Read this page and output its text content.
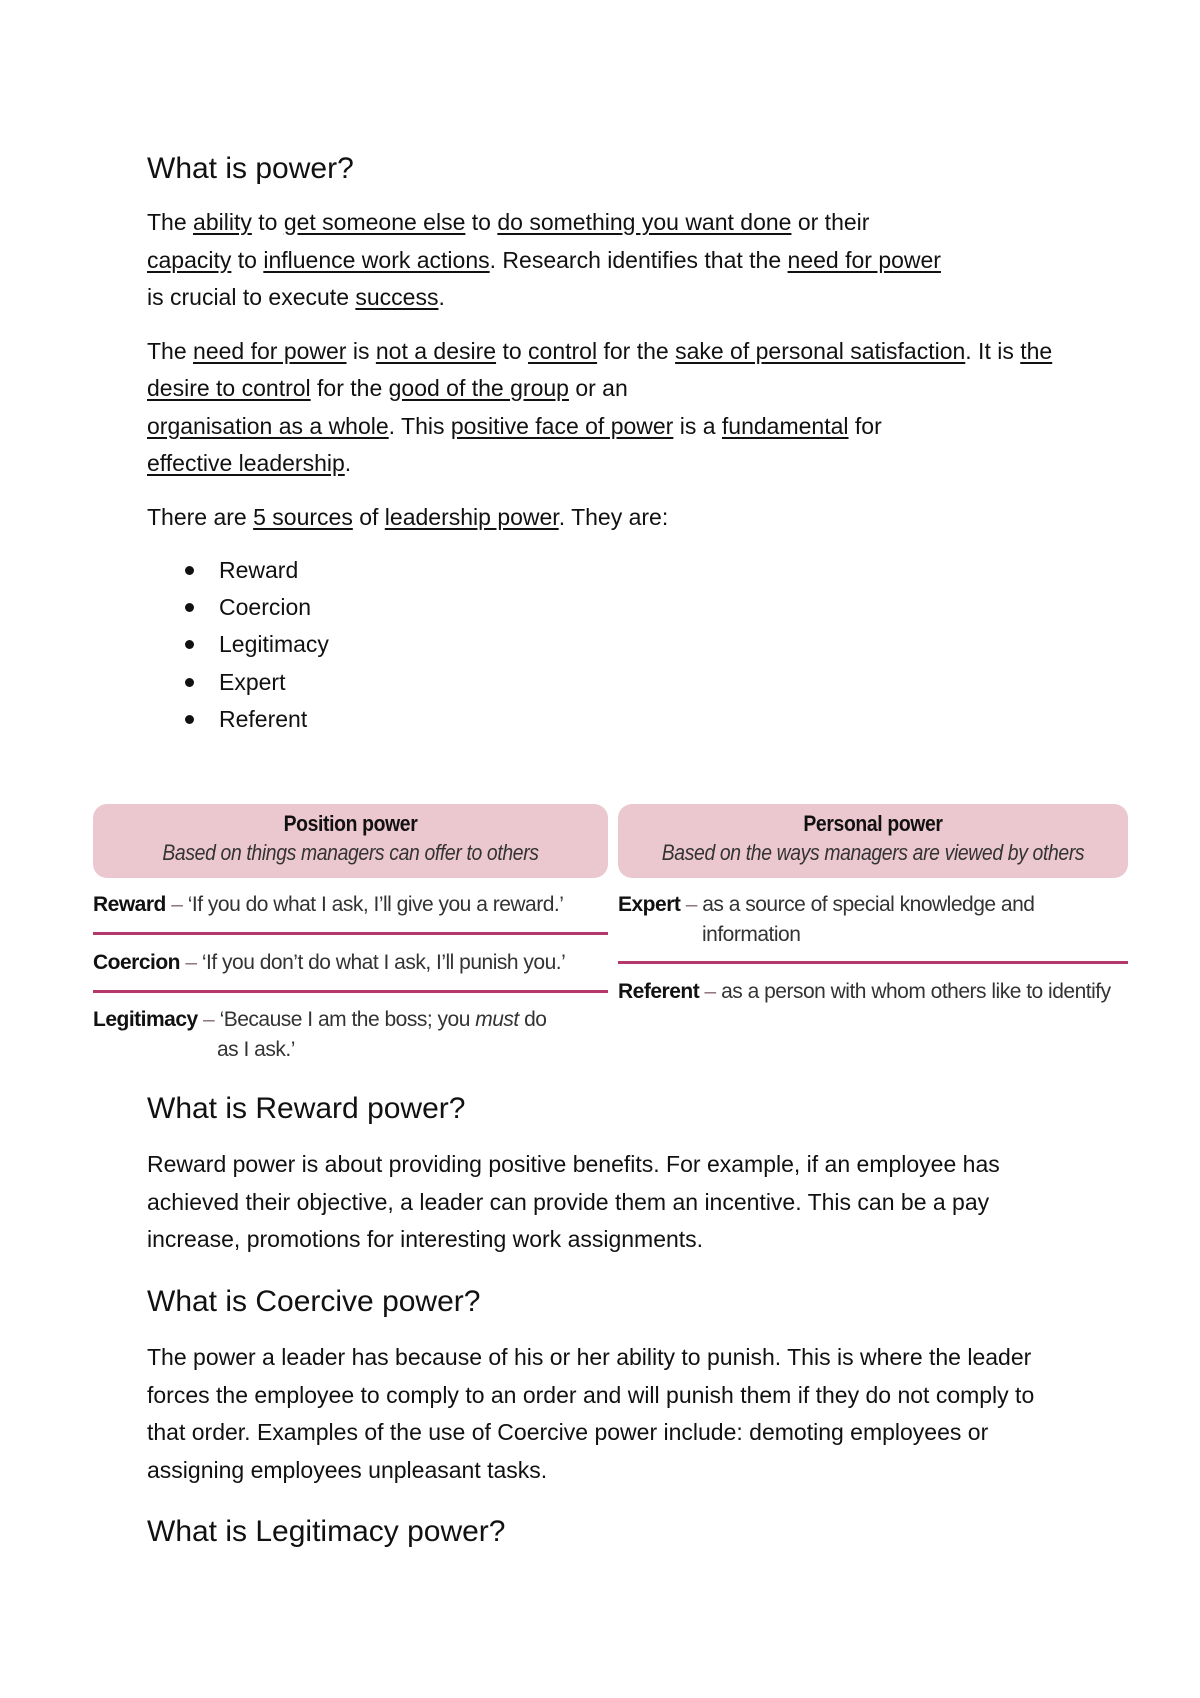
What is power?

The ability to get someone else to do something you want done or their
capacity to influence work actions. Research identifies that the need for power
is crucial to execute success.

The need for power is not a desire to control for the sake of personal satisfaction. It is the desire to control for the good of the group or an
organisation as a whole. This positive face of power is a fundamental for
effective leadership.

There are 5 sources of leadership power. They are:

Reward
Coercion
Legitimacy
Expert
Referent
Position power
Based on things managers can offer to others
Reward – ‘If you do what I ask, I’ll give you a reward.’
Coercion – ‘If you don’t do what I ask, I’ll punish you.’
Legitimacy – ‘Because I am the boss; you must do
as I ask.’
Personal power
Based on the ways managers are viewed by others
Expert – as a source of special knowledge and
information
Referent – as a person with whom others like to identify
What is Reward power?

Reward power is about providing positive benefits. For example, if an employee has achieved their objective, a leader can provide them an incentive. This can be a pay increase, promotions for interesting work assignments.

What is Coercive power?

The power a leader has because of his or her ability to punish. This is where the leader forces the employee to comply to an order and will punish them if they do not comply to that order. Examples of the use of Coercive power include: demoting employees or assigning employees unpleasant tasks.

What is Legitimacy power?
